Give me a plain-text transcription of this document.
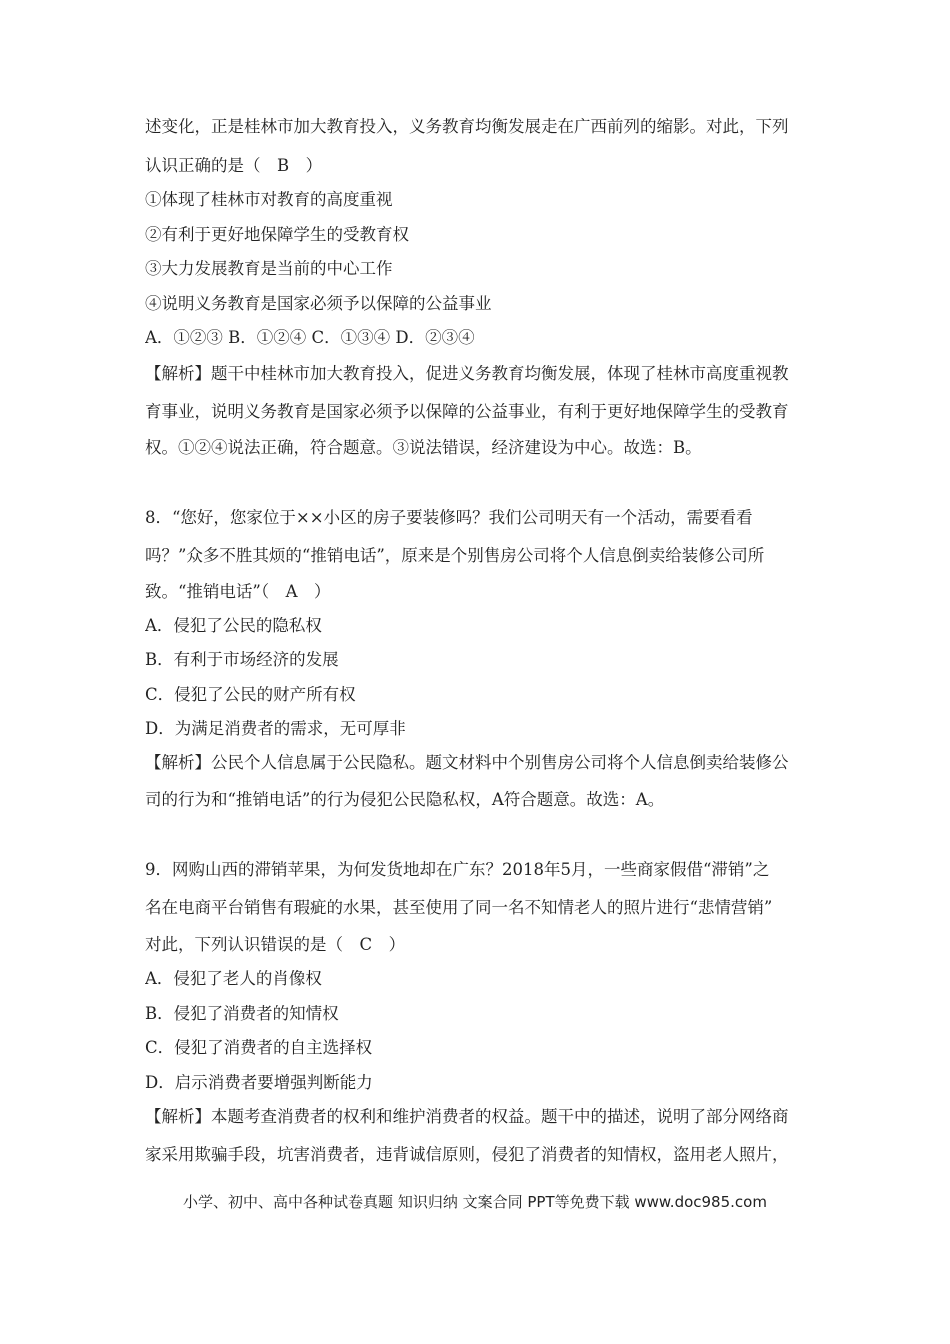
述变化，正是桂林市加大教育投入，义务教育均衡发展走在广西前列的缩影。对此，下列
认识正确的是（　B　）
①体现了桂林市对教育的高度重视
②有利于更好地保障学生的受教育权
③大力发展教育是当前的中心工作
④说明义务教育是国家必须予以保障的公益事业
A．①②③ B．①②④ C．①③④ D．②③④
【解析】题干中桂林市加大教育投入，促进义务教育均衡发展，体现了桂林市高度重视教
育事业，说明义务教育是国家必须予以保障的公益事业，有利于更好地保障学生的受教育
权。①②④说法正确，符合题意。③说法错误，经济建设为中心。故选：B。
8．“您好，您家位于××小区的房子要装修吗？我们公司明天有一个活动，需要看看
吗？”众多不胜其烦的“推销电话”，原来是个别售房公司将个人信息倒卖给装修公司所
致。“推销电话”（　A　）
A．侵犯了公民的隐私权
B．有利于市场经济的发展
C．侵犯了公民的财产所有权
D．为满足消费者的需求，无可厚非
【解析】公民个人信息属于公民隐私。题文材料中个别售房公司将个人信息倒卖给装修公
司的行为和“推销电话”的行为侵犯公民隐私权，A符合题意。故选：A。
9．网购山西的滞销苹果，为何发货地却在广东？2018年5月，一些商家假借“滞销”之
名在电商平台销售有瑕疵的水果，甚至使用了同一名不知情老人的照片进行“悲情营销”
对此，下列认识错误的是（　C　）
A．侵犯了老人的肖像权
B．侵犯了消费者的知情权
C．侵犯了消费者的自主选择权
D．启示消费者要增强判断能力
【解析】本题考查消费者的权利和维护消费者的权益。题干中的描述，说明了部分网络商
家采用欺骗手段，坑害消费者，违背诚信原则，侵犯了消费者的知情权，盗用老人照片，
小学、初中、高中各种试卷真题 知识归纳 文案合同 PPT等免费下载 www.doc985.com
